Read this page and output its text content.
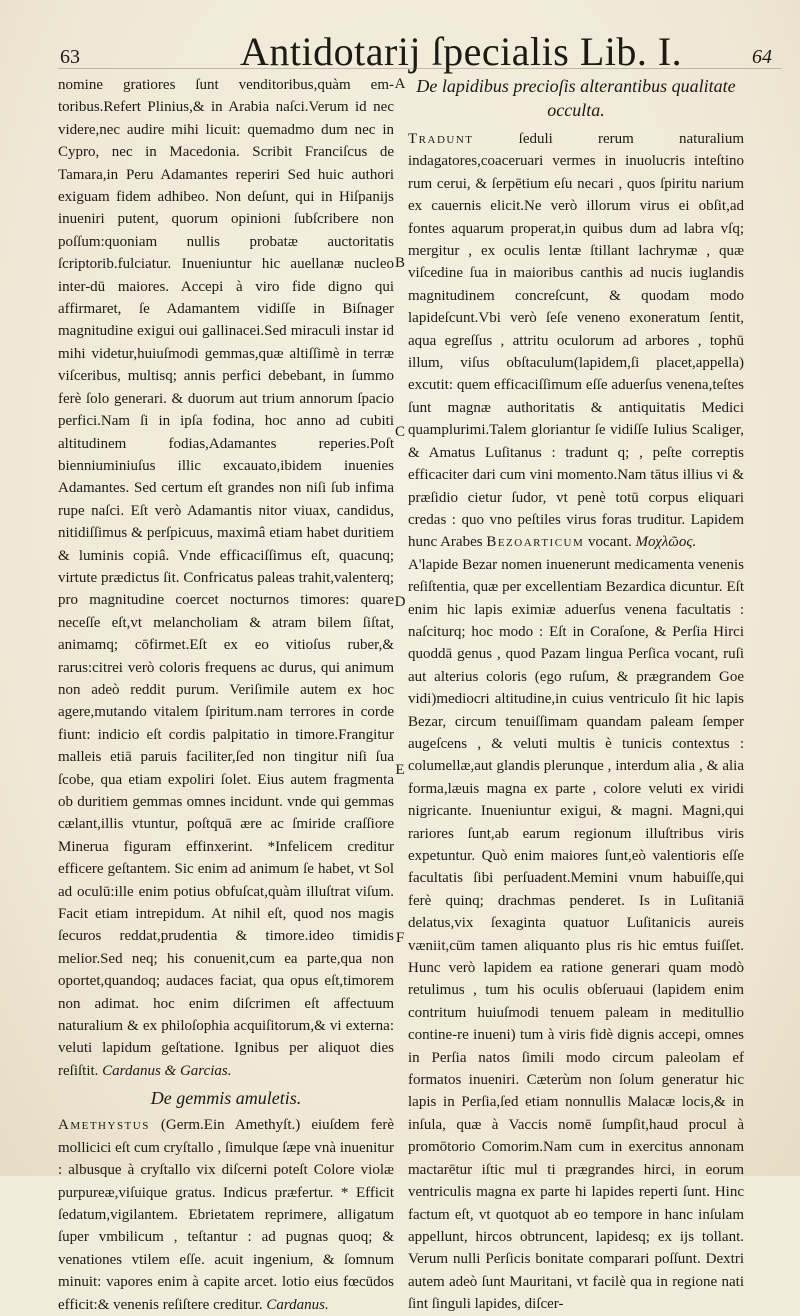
63	Antidotarij ſpecialis Lib. I.	64
A
B
C
D
E
F

nomine gratiores ſunt venditoribus,quàm em-toribus.Refert Plinius,& in Arabia naſci.Verum id nec videre,nec audire mihi licuit: quemadmo dum nec in Cypro, nec in Macedonia. Scribit Franciſcus de Tamara,in Peru Adamantes reperiri Sed huic authori exiguam fidem adhibeo. Non deſunt, qui in Hiſpanijs inueniri putent, quorum opinioni ſubſcribere non poſſum:quoniam nullis probatæ auctoritatis ſcriptorib.fulciatur. Inueniuntur hic auellanæ nucleo inter-dū maiores. Accepi à viro fide digno qui affirmaret, ſe Adamantem vidiſſe in Biſnager magnitudine exigui oui gallinacei.Sed miraculi instar id mihi videtur,huiuſmodi gemmas,quæ altiſſimè in terræ viſceribus, multisq; annis perfici debebant, in ſummo ferè ſolo generari. & duorum aut trium annorum ſpacio perfici.Nam ſi in ipſa fodina, hoc anno ad cubiti altitudinem fodias,Adamantes reperies.Poſt bienniuminiuſus illic excauato,ibidem inuenies Adamantes. Sed certum eſt grandes non niſi ſub infima rupe naſci. Eſt verò Adamantis nitor viuax, candidus, nitidiſſimus & perſpicuus, maximâ etiam habet duritiem & luminis copiâ. Vnde efficaciſſimus eſt, quacunq; virtute prædictus ſit. Confricatus paleas trahit,valenterq; pro magnitudine coercet nocturnos timores: quare neceſſe eſt,vt melancholiam & atram bilem ſiſtat, animamq; cōfirmet.Eſt ex eo vitioſus ruber,& rarus:citrei verò coloris frequens ac durus, qui animum non adeò reddit purum. Veriſimile autem ex hoc agere,mutando vitalem ſpiritum.nam terrores in corde fiunt: indicio eſt cordis palpitatio in timore.Frangitur malleis etiā paruis faciliter,ſed non tingitur niſi ſua ſcobe, qua etiam expoliri ſolet. Eius autem fragmenta ob duritiem gemmas omnes incidunt. vnde qui gemmas cælant,illis vtuntur, poſtquā ære ac ſmiride craſſiore Mineruа figuram effinxerint. *Infelicem creditur efficere geſtantem. Sic enim ad animum ſe habet, vt Sol ad oculū:ille enim potius obfuſcat,quàm illuſtrat viſum. Facit etiam intrepidum. At nihil eſt, quod nos magis ſecuros reddat,prudentia & timore.ideo timidis melior.Sed neq; his conuenit,cum ea parte,qua non oportet,quandoq; audaces faciat, qua opus eſt,timorem non adimat. hoc enim diſcrimen eſt affectuum naturalium & ex philoſophia acquiſitorum,& vi externa: veluti lapidum geſtatione. Ignibus per aliquot dies reſiſtit. Cardanus & Garcias.

De gemmis amuletis.

Amethystus (Germ.Ein Amethyſt.) eiuſdem ferè mollicici eſt cum cryſtallo , ſimulque ſæpe vnà inuenitur : albusque à cryſtallo vix diſcerni poteſt Colore violæ purpureæ,viſuique gratus. Indicus præfertur. * Efficit ſedatum,vigilantem. Ebrietatem reprimere, alligatum ſuper vmbilicum , teſtantur : ad pugnas quoq; & venationes vtilem eſſe. acuit ingenium, & ſomnum minuit: vapores enim à capite arcet. lotio eius fœcūdos efficit:& venenis reſiſtere creditur. Cardanus.

De lapidibus precioſis alterantibus qualitate occulta.

Tradunt ſeduli rerum naturalium indagatores,coaceruari vermes in inuolucris inteſtino rum cerui, & ſerpētium eſu necari , quos ſpiritu narium ex cauernis elicit.Ne verò illorum virus ei obſit,ad fontes aquarum properat,in quibus dum ad labra vſq; mergitur , ex oculis lentæ ſtillant lachrymæ , quæ viſcedine ſua in maioribus canthis ad nucis iuglandis magnitudinem concreſcunt, & quodam modo lapideſcunt.Vbi verò ſeſe veneno exoneratum ſentit, aqua egreſſus , attritu oculorum ad arbores , tophū illum, viſus obſtaculum(lapidem,ſi placet,appella) excutit: quem efficaciſſimum eſſe aduerſus venena,teſtes ſunt magnæ authoritatis & antiquitatis Medici quamplurimi.Talem gloriantur ſe vidiſſe Iulius Scaliger, & Amatus Luſitanus : tradunt q; , peſte correptis efficaciter dari cum vini momento.Nam tātus illius vi & præſidio cietur ſudor, vt penè totū corpus eliquari credas : quo vno peſtiles virus foras truditur. Lapidem hunc Arabes Bezoarticum vocant. Μοχλῶος.

A'lapide Bezar nomen inuenerunt medicamenta venenis reſiſtentia, quæ per excellentiam Bezardica dicuntur. Eſt enim hic lapis eximiæ aduerſus venena facultatis : naſciturq; hoc modo : Eſt in Coraſone, & Perſia Hirci quoddā genus , quod Pazam lingua Perſica vocant, ruſi aut alterius coloris (ego ruſum, & prægrandem Goe vidi)mediocri altitudine,in cuius ventriculo ſit hic lapis Bezar, circum tenuiſſimam quandam paleam ſemper augeſcens , & veluti multis è tunicis contextus : columellæ,aut glandis plerunque , interdum alia , & alia forma,læuis magna ex parte , colore veluti ex viridi nigricante. Inueniuntur exigui, & magni. Magni,qui rariores ſunt,ab earum regionum illuſtribus viris expetuntur. Quò enim maiores ſunt,eò valentioris eſſe facultatis ſibi perſuadent.Memini vnum habuiſſe,qui ferè quinq; drachmas penderet. Is in Luſitaniā delatus,vix ſexaginta quatuor Luſitanicis aureis væniit,cūm tamen aliquanto plus ris hic emtus fuiſſet. Hunc verò lapidem ea ratione generari quam modò retulimus , tum his oculis obſeruaui (lapidem enim contritum huiuſmodi tenuem paleam in meditullio contine-re inueni) tum à viris fidè dignis accepi, omnes in Perſia natos ſimili modo circum paleolam ef formatos inueniri. Cæterùm non ſolum generatur hic lapis in Perſia,ſed etiam nonnullis Malacæ locis,& in inſula, quæ à Vaccis nomē ſumpſit,haud procul à promōtorio Comorim.Nam cum in exercitus annonam mactarētur iſtic mul ti prægrandes hirci, in eorum ventriculis magna ex parte hi lapides reperti ſunt. Hinc factum eſt, vt quotquot ab eo tempore in hanc inſulam appellunt, hircos obtruncent, lapidesq; ex ijs tollant. Verum nulli Perſicis bonitate comparari poſſunt. Dextri autem adeò ſunt Mauritani, vt facilè qua in regione nati ſint ſinguli lapides, diſcer-
